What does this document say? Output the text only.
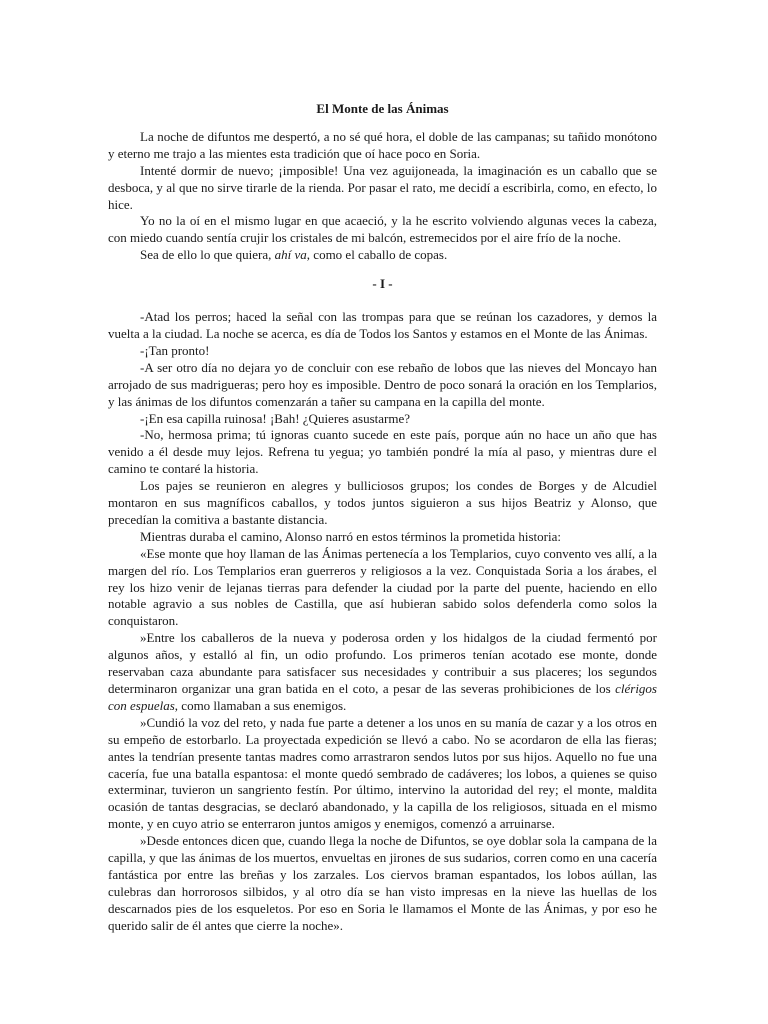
El Monte de las Ánimas

La noche de difuntos me despertó, a no sé qué hora, el doble de las campanas; su tañido monótono y eterno me trajo a las mientes esta tradición que oí hace poco en Soria.

Intenté dormir de nuevo; ¡imposible! Una vez aguijoneada, la imaginación es un caballo que se desboca, y al que no sirve tirarle de la rienda. Por pasar el rato, me decidí a escribirla, como, en efecto, lo hice.

Yo no la oí en el mismo lugar en que acaeció, y la he escrito volviendo algunas veces la cabeza, con miedo cuando sentía crujir los cristales de mi balcón, estremecidos por el aire frío de la noche.

Sea de ello lo que quiera, ahí va, como el caballo de copas.

- I -

-Atad los perros; haced la señal con las trompas para que se reúnan los cazadores, y demos la vuelta a la ciudad. La noche se acerca, es día de Todos los Santos y estamos en el Monte de las Ánimas.

-¡Tan pronto!

-A ser otro día no dejara yo de concluir con ese rebaño de lobos que las nieves del Moncayo han arrojado de sus madrigueras; pero hoy es imposible. Dentro de poco sonará la oración en los Templarios, y las ánimas de los difuntos comenzarán a tañer su campana en la capilla del monte.

-¡En esa capilla ruinosa! ¡Bah! ¿Quieres asustarme?

-No, hermosa prima; tú ignoras cuanto sucede en este país, porque aún no hace un año que has venido a él desde muy lejos. Refrena tu yegua; yo también pondré la mía al paso, y mientras dure el camino te contaré la historia.

Los pajes se reunieron en alegres y bulliciosos grupos; los condes de Borges y de Alcudiel montaron en sus magníficos caballos, y todos juntos siguieron a sus hijos Beatriz y Alonso, que precedían la comitiva a bastante distancia.

Mientras duraba el camino, Alonso narró en estos términos la prometida historia:

«Ese monte que hoy llaman de las Ánimas pertenecía a los Templarios, cuyo convento ves allí, a la margen del río. Los Templarios eran guerreros y religiosos a la vez. Conquistada Soria a los árabes, el rey los hizo venir de lejanas tierras para defender la ciudad por la parte del puente, haciendo en ello notable agravio a sus nobles de Castilla, que así hubieran sabido solos defenderla como solos la conquistaron.

»Entre los caballeros de la nueva y poderosa orden y los hidalgos de la ciudad fermentó por algunos años, y estalló al fin, un odio profundo. Los primeros tenían acotado ese monte, donde reservaban caza abundante para satisfacer sus necesidades y contribuir a sus placeres; los segundos determinaron organizar una gran batida en el coto, a pesar de las severas prohibiciones de los clérigos con espuelas, como llamaban a sus enemigos.

»Cundió la voz del reto, y nada fue parte a detener a los unos en su manía de cazar y a los otros en su empeño de estorbarlo. La proyectada expedición se llevó a cabo. No se acordaron de ella las fieras; antes la tendrían presente tantas madres como arrastraron sendos lutos por sus hijos. Aquello no fue una cacería, fue una batalla espantosa: el monte quedó sembrado de cadáveres; los lobos, a quienes se quiso exterminar, tuvieron un sangriento festín. Por último, intervino la autoridad del rey; el monte, maldita ocasión de tantas desgracias, se declaró abandonado, y la capilla de los religiosos, situada en el mismo monte, y en cuyo atrio se enterraron juntos amigos y enemigos, comenzó a arruinarse.

»Desde entonces dicen que, cuando llega la noche de Difuntos, se oye doblar sola la campana de la capilla, y que las ánimas de los muertos, envueltas en jirones de sus sudarios, corren como en una cacería fantástica por entre las breñas y los zarzales. Los ciervos braman espantados, los lobos aúllan, las culebras dan horrorosos silbidos, y al otro día se han visto impresas en la nieve las huellas de los descarnados pies de los esqueletos. Por eso en Soria le llamamos el Monte de las Ánimas, y por eso he querido salir de él antes que cierre la noche».
